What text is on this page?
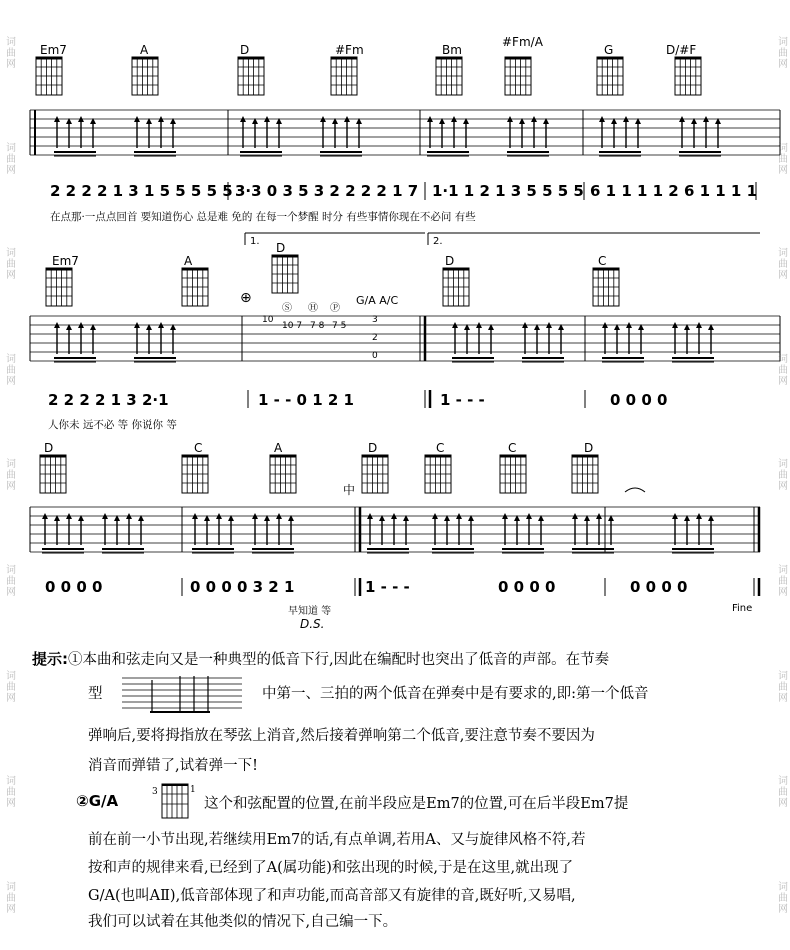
词曲网
词曲网
词曲网
词曲网
词曲网
词曲网
词曲网
词曲网
词曲网
词曲网
词曲网
词曲网
词曲网
词曲网
词曲网
词曲网
词曲网
词曲网
Em7	A	D	#Fm	Bm
#Fm/A
G	D/#F
2 2 2 2 1 3 1 5 5 5 5 5 3·3 0 3 5 3 2 2 2 2 1 7 1·1 1 2 1 3 5 5 5 5 6 1 1 1 1 2 6 1 1 1 1
在点那·一点点回首 要知道伤心 总是难 免的 在每一个梦醒 时分 有些事情你现在不必问 有些
1.	2.
Em7	A
D
D	C
Ⓢ Ⓗ Ⓟ
G/A A/C
⊕
10
10 7 7 8 7 5
3
2
0
2 2 2 2 1 3 2·1	1 - - 0 1 2 1	1 - - -	0 0 0 0
人你未 远不必 等 你说你 等
D	C	A	D	C	C	D
中
0 0 0 0	0 0 0 0 3 2 1	1 - - -	0 0 0 0	0 0 0 0
早知道 等
D.S.
Fine
提示:①本曲和弦走向又是一种典型的低音下行,因此在编配时也突出了低音的声部。在节奏
型	中第一、三拍的两个低音在弹奏中是有要求的,即:第一个低音
弹响后,要将拇指放在琴弦上消音,然后接着弹响第二个低音,要注意节奏不要因为
消音而弹错了,试着弹一下!
②G/A	3	1
这个和弦配置的位置,在前半段应是Em7的位置,可在后半段Em7提
前在前一小节出现,若继续用Em7的话,有点单调,若用A、又与旋律风格不符,若
按和声的规律来看,已经到了A(属功能)和弦出现的时候,于是在这里,就出现了
G/A(也叫AⅡ),低音部体现了和声功能,而高音部又有旋律的音,既好听,又易唱,
我们可以试着在其他类似的情况下,自己编一下。
